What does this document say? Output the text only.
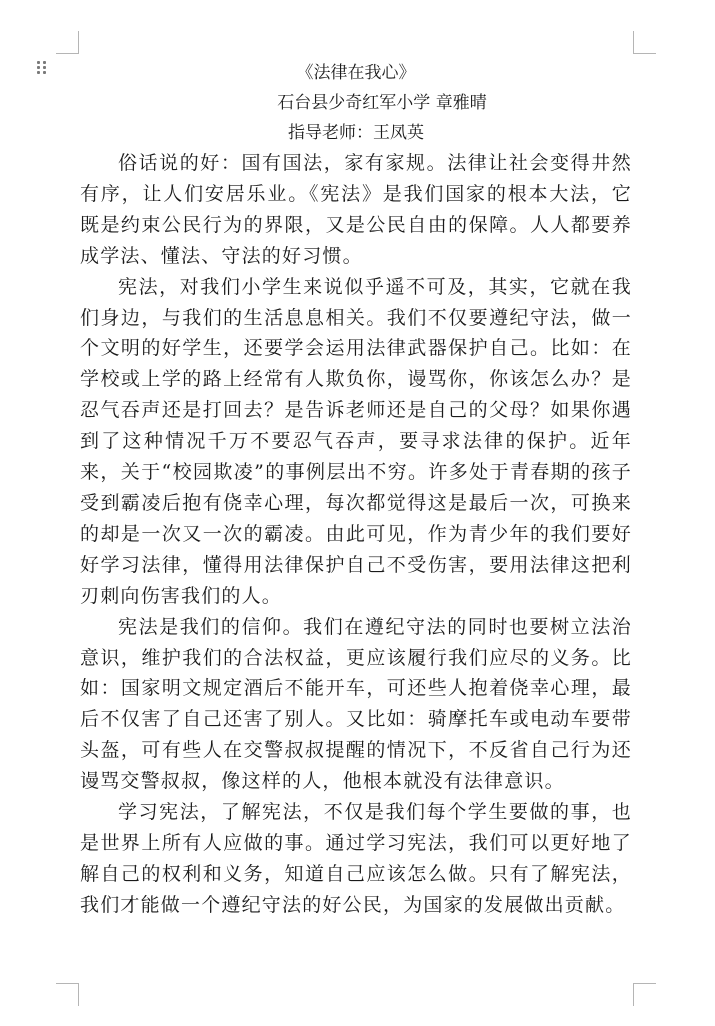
《法律在我心》
石台县少奇红军小学 章雅晴
指导老师：王凤英

俗话说的好：国有国法，家有家规。法律让社会变得井然有序，让人们安居乐业。《宪法》是我们国家的根本大法，它既是约束公民行为的界限，又是公民自由的保障。人人都要养成学法、懂法、守法的好习惯。

宪法，对我们小学生来说似乎遥不可及，其实，它就在我们身边，与我们的生活息息相关。我们不仅要遵纪守法，做一个文明的好学生，还要学会运用法律武器保护自己。比如：在学校或上学的路上经常有人欺负你，谩骂你，你该怎么办？是忍气吞声还是打回去？是告诉老师还是自己的父母？如果你遇到了这种情况千万不要忍气吞声，要寻求法律的保护。近年来，关于“校园欺凌”的事例层出不穷。许多处于青春期的孩子受到霸凌后抱有侥幸心理，每次都觉得这是最后一次，可换来的却是一次又一次的霸凌。由此可见，作为青少年的我们要好好学习法律，懂得用法律保护自己不受伤害，要用法律这把利刃刺向伤害我们的人。

宪法是我们的信仰。我们在遵纪守法的同时也要树立法治意识，维护我们的合法权益，更应该履行我们应尽的义务。比如：国家明文规定酒后不能开车，可还些人抱着侥幸心理，最后不仅害了自己还害了别人。又比如：骑摩托车或电动车要带头盔，可有些人在交警叔叔提醒的情况下，不反省自己行为还谩骂交警叔叔，像这样的人，他根本就没有法律意识。

学习宪法，了解宪法，不仅是我们每个学生要做的事，也是世界上所有人应做的事。通过学习宪法，我们可以更好地了解自己的权利和义务，知道自己应该怎么做。只有了解宪法，我们才能做一个遵纪守法的好公民，为国家的发展做出贡献。
